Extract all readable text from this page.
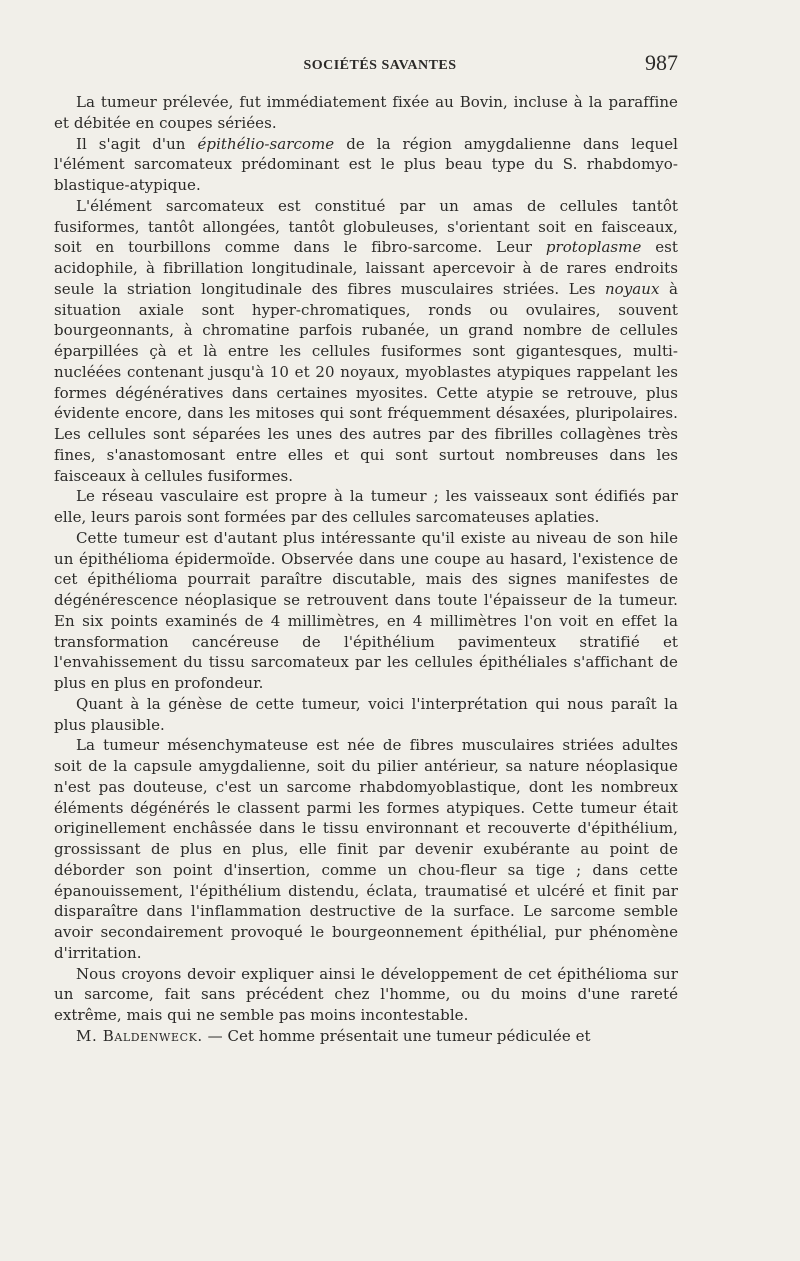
SOCIÉTÉS SAVANTES	987

La tumeur prélevée, fut immédiatement fixée au Bovin, incluse à la paraffine et débitée en coupes sériées.

Il s'agit d'un épithélio-sarcome de la région amygdalienne dans lequel l'élément sarcomateux prédominant est le plus beau type du S. rhabdomyo-blastique-atypique.

L'élément sarcomateux est constitué par un amas de cellules tantôt fusiformes, tantôt allongées, tantôt globuleuses, s'orientant soit en faisceaux, soit en tourbillons comme dans le fibro-sarcome. Leur protoplasme est acidophile, à fibrillation longitudinale, laissant apercevoir à de rares endroits seule la striation longitudinale des fibres musculaires striées. Les noyaux à situation axiale sont hyper-chromatiques, ronds ou ovulaires, souvent bourgeonnants, à chromatine parfois rubanée, un grand nombre de cellules éparpillées çà et là entre les cellules fusiformes sont gigantesques, multi-nucléées contenant jusqu'à 10 et 20 noyaux, myoblastes atypiques rappelant les formes dégénératives dans certaines myosites. Cette atypie se retrouve, plus évidente encore, dans les mitoses qui sont fréquemment désaxées, pluripolaires. Les cellules sont séparées les unes des autres par des fibrilles collagènes très fines, s'anastomosant entre elles et qui sont surtout nombreuses dans les faisceaux à cellules fusiformes.

Le réseau vasculaire est propre à la tumeur ; les vaisseaux sont édifiés par elle, leurs parois sont formées par des cellules sarcomateuses aplaties.

Cette tumeur est d'autant plus intéressante qu'il existe au niveau de son hile un épithélioma épidermoïde. Observée dans une coupe au hasard, l'existence de cet épithélioma pourrait paraître discutable, mais des signes manifestes de dégénérescence néoplasique se retrouvent dans toute l'épaisseur de la tumeur. En six points examinés de 4 millimètres, en 4 millimètres l'on voit en effet la transformation cancéreuse de l'épithélium pavimenteux stratifié et l'envahissement du tissu sarcomateux par les cellules épithéliales s'affichant de plus en plus en profondeur.

Quant à la génèse de cette tumeur, voici l'interprétation qui nous paraît la plus plausible.

La tumeur mésenchymateuse est née de fibres musculaires striées adultes soit de la capsule amygdalienne, soit du pilier antérieur, sa nature néoplasique n'est pas douteuse, c'est un sarcome rhabdomyoblastique, dont les nombreux éléments dégénérés le classent parmi les formes atypiques. Cette tumeur était originellement enchâssée dans le tissu environnant et recouverte d'épithélium, grossissant de plus en plus, elle finit par devenir exubérante au point de déborder son point d'insertion, comme un chou-fleur sa tige ; dans cette épanouissement, l'épithélium distendu, éclata, traumatisé et ulcéré et finit par disparaître dans l'inflammation destructive de la surface. Le sarcome semble avoir secondairement provoqué le bourgeonnement épithélial, pur phénomène d'irritation.

Nous croyons devoir expliquer ainsi le développement de cet épithélioma sur un sarcome, fait sans précédent chez l'homme, ou du moins d'une rareté extrême, mais qui ne semble pas moins incontestable.

M. Baldenweck. — Cet homme présentait une tumeur pédiculée et
